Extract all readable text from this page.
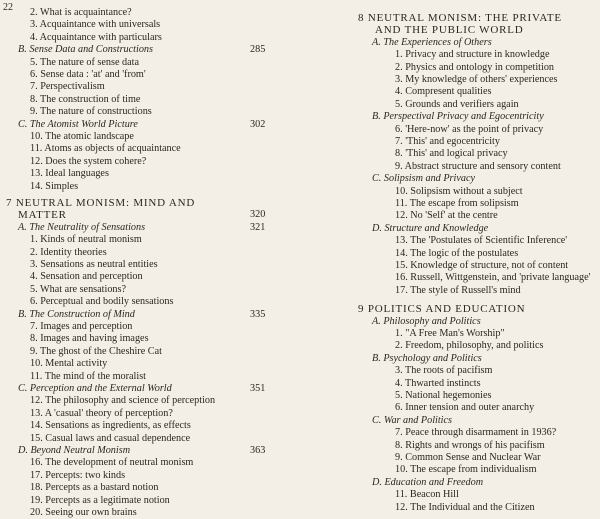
22 2. What is acquaintance?
3. Acquaintance with universals
4. Acquaintance with particulars
B. Sense Data and Constructions	285
5. The nature of sense data
6. Sense data : 'at' and 'from'
7. Perspectivalism
8. The construction of time
9. The nature of constructions
C. The Atomist World Picture	302
10. The atomic landscape
11. Atoms as objects of acquaintance
12. Does the system cohere?
13. Ideal languages
14. Simples
7 NEUTRAL MONISM: MIND AND
MATTER	320
A. The Neutrality of Sensations	321
1. Kinds of neutral monism
2. Identity theories
3. Sensations as neutral entities
4. Sensation and perception
5. What are sensations?
6. Perceptual and bodily sensations
B. The Construction of Mind	335
7. Images and perception
8. Images and having images
9. The ghost of the Cheshire Cat
10. Mental activity
11. The mind of the moralist
C. Perception and the External World	351
12. The philosophy and science of perception
13. A 'casual' theory of perception?
14. Sensations as ingredients, as effects
15. Casual laws and casual dependence
D. Beyond Neutral Monism	363
16. The development of neutral monism
17. Percepts: two kinds
18. Percepts as a bastard notion
19. Percepts as a legitimate notion
20. Seeing our own brains
8 NEUTRAL MONISM: THE PRIVATE
AND THE PUBLIC WORLD
A. The Experiences of Others
1. Privacy and structure in knowledge
2. Physics and ontology in competition
3. My knowledge of others' experiences
4. Compresent qualities
5. Grounds and verifiers again
B. Perspectival Privacy and Egocentricity
6. 'Here-now' as the point of privacy
7. 'This' and egocentricity
8. 'This' and logical privacy
9. Abstract structure and sensory content
C. Solipsism and Privacy
10. Solipsism without a subject
11. The escape from solipsism
12. No 'Self' at the centre
D. Structure and Knowledge
13. The 'Postulates of Scientific Inference'
14. The logic of the postulates
15. Knowledge of structure, not of content
16. Russell, Wittgenstein, and 'private language'
17. The style of Russell's mind
9 POLITICS AND EDUCATION
A. Philosophy and Politics
1. "A Free Man's Worship"
2. Freedom, philosophy, and politics
B. Psychology and Politics
3. The roots of pacifism
4. Thwarted instincts
5. National hegemonies
6. Inner tension and outer anarchy
C. War and Politics
7. Peace through disarmament in 1936?
8. Rights and wrongs of his pacifism
9. Common Sense and Nuclear War
10. The escape from individualism
D. Education and Freedom
11. Beacon Hill
12. The Individual and the Citizen
